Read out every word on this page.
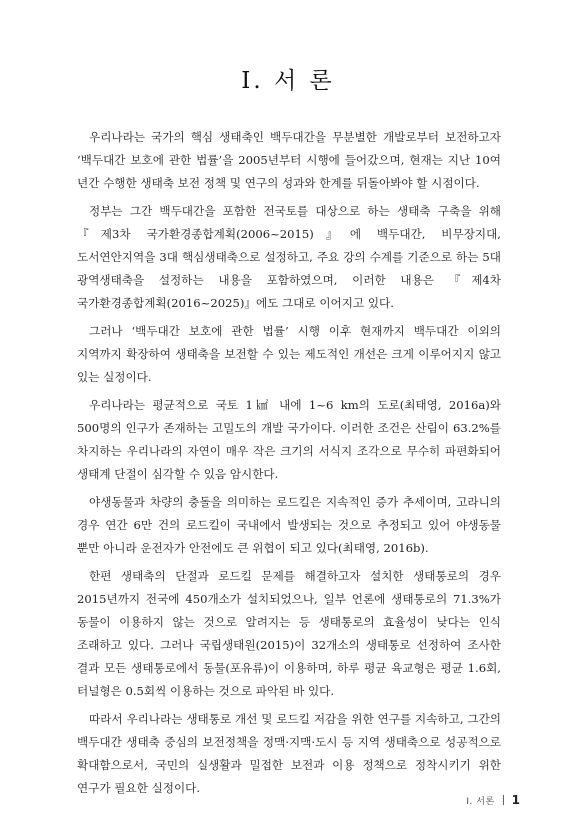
I. 서 론

우리나라는 국가의 핵심 생태축인 백두대간을 무분별한 개발로부터 보전하고자 ‘백두대간 보호에 관한 법률’을 2005년부터 시행에 들어갔으며, 현재는 지난 10여 년간 수행한 생태축 보전 정책 및 연구의 성과와 한계를 뒤돌아봐야 할 시점이다.

정부는 그간 백두대간을 포함한 전국토를 대상으로 하는 생태축 구축을 위해 『제3차 국가환경종합계획(2006~2015)』에 백두대간, 비무장지대, 도서연안지역을 3대 핵심생태축으로 설정하고, 주요 강의 수계를 기준으로 하는 5대 광역생태축을 설정하는 내용을 포함하였으며, 이러한 내용은 『제4차 국가환경종합계획(2016~2025)』에도 그대로 이어지고 있다.

그러나 ‘백두대간 보호에 관한 법률’ 시행 이후 현재까지 백두대간 이외의 지역까지 확장하여 생태축을 보전할 수 있는 제도적인 개선은 크게 이루어지지 않고 있는 실정이다.

우리나라는 평균적으로 국토 1㎢ 내에 1~6 km의 도로(최태영, 2016a)와 500명의 인구가 존재하는 고밀도의 개발 국가이다. 이러한 조건은 산림이 63.2%를 차지하는 우리나라의 자연이 매우 작은 크기의 서식지 조각으로 무수히 파편화되어 생태계 단절이 심각할 수 있음 암시한다.

야생동물과 차량의 충돌을 의미하는 로드킬은 지속적인 증가 추세이며, 고라니의 경우 연간 6만 건의 로드킬이 국내에서 발생되는 것으로 추정되고 있어 야생동물 뿐만 아니라 운전자가 안전에도 큰 위협이 되고 있다(최태영, 2016b).

한편 생태축의 단절과 로드킬 문제를 해결하고자 설치한 생태통로의 경우 2015년까지 전국에 450개소가 설치되었으나, 일부 언론에 생태통로의 71.3%가 동물이 이용하지 않는 것으로 알려지는 등 생태통로의 효율성이 낮다는 인식 조래하고 있다. 그러나 국립생태원(2015)이 32개소의 생태통로 선정하여 조사한 결과 모든 생태통로에서 동물(포유류)이 이용하며, 하루 평균 육교형은 평균 1.6회, 터널형은 0.5회씩 이용하는 것으로 파악된 바 있다.

따라서 우리나라는 생태통로 개선 및 로드킬 저감을 위한 연구를 지속하고, 그간의 백두대간 생태축 중심의 보전정책을 정맥·지맥·도시 등 지역 생태축으로 성공적으로 확대함으로서, 국민의 실생활과 밀접한 보전과 이용 정책으로 정착시키기 위한 연구가 필요한 실정이다.

I. 서론 1
